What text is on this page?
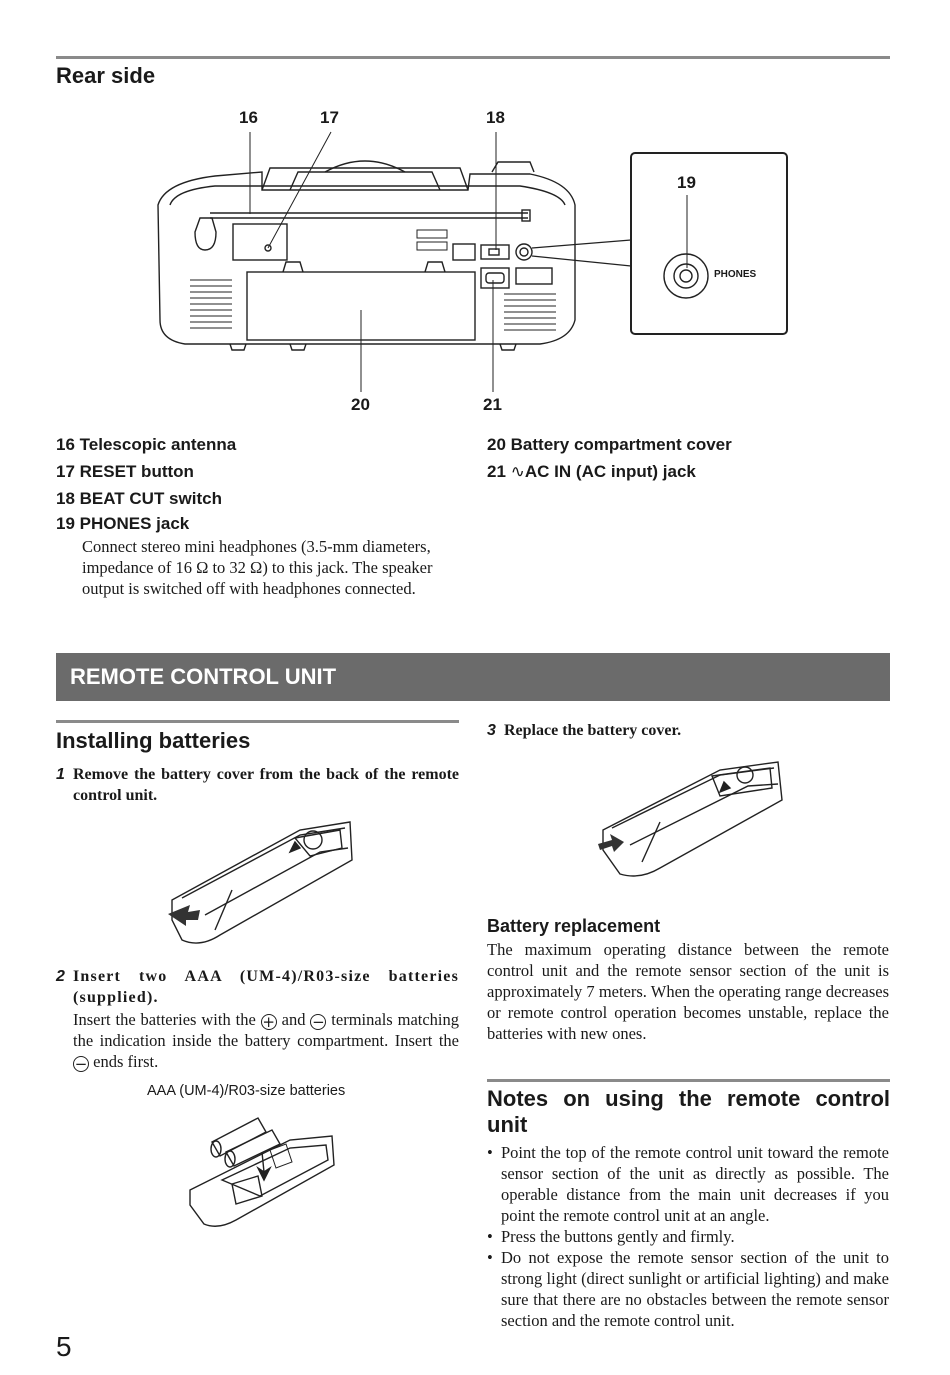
Rear side
16	17	18
19
20	21
PHONES
16 Telescopic antenna
17 RESET button
18 BEAT CUT switch
19 PHONES jack
Connect stereo mini headphones (3.5-mm diameters, impedance of 16 Ω to 32 Ω) to this jack. The speaker output is switched off with headphones connected.
20 Battery compartment cover
21 ∿AC IN (AC input) jack
REMOTE CONTROL UNIT
Installing batteries
1 Remove the battery cover from the back of the remote control unit.
2 Insert two AAA (UM-4)/R03-size batteries (supplied).
Insert the batteries with the + and − terminals matching the indication inside the battery compartment. Insert the − ends first.
AAA (UM-4)/R03-size batteries
3 Replace the battery cover.
Battery replacement
The maximum operating distance between the remote control unit and the remote sensor section of the unit is approximately 7 meters. When the operating range decreases or remote control operation becomes unstable, replace the batteries with new ones.
Notes on using the remote control unit
• Point the top of the remote control unit toward the remote sensor section of the unit as directly as possible. The operable distance from the main unit decreases if you point the remote control unit at an angle.
• Press the buttons gently and firmly.
• Do not expose the remote sensor section of the unit to strong light (direct sunlight or artificial lighting) and make sure that there are no obstacles between the remote sensor section and the remote control unit.
5
